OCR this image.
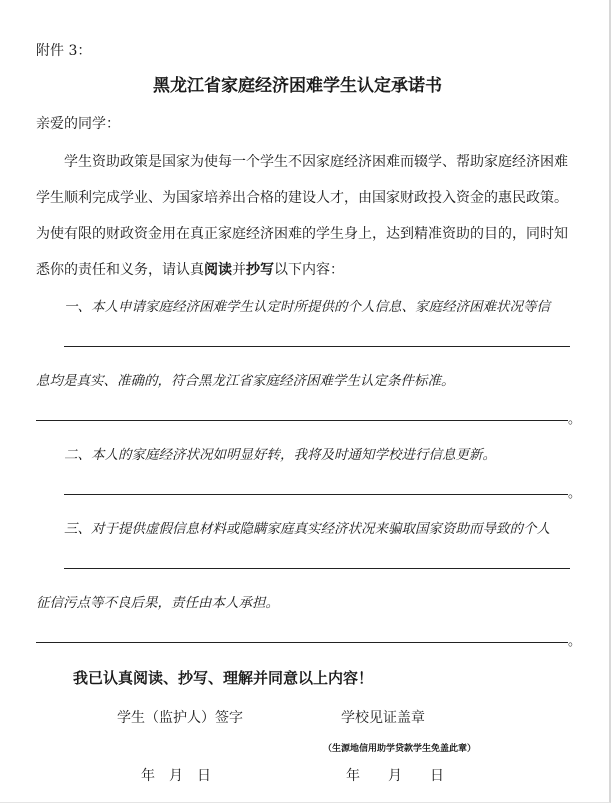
附件 3：
黑龙江省家庭经济困难学生认定承诺书
亲爱的同学：
学生资助政策是国家为使每一个学生不因家庭经济困难而辍学、帮助家庭经济困难
学生顺利完成学业、为国家培养出合格的建设人才，由国家财政投入资金的惠民政策。
为使有限的财政资金用在真正家庭经济困难的学生身上，达到精准资助的目的，同时知
悉你的责任和义务，请认真阅读并抄写以下内容：
一、本人申请家庭经济困难学生认定时所提供的个人信息、家庭经济困难状况等信
息均是真实、准确的，符合黑龙江省家庭经济困难学生认定条件标准。
。
二、本人的家庭经济状况如明显好转，我将及时通知学校进行信息更新。
。
三、对于提供虚假信息材料或隐瞒家庭真实经济状况来骗取国家资助而导致的个人
征信污点等不良后果，责任由本人承担。
。
我已认真阅读、抄写、理解并同意以上内容！
学生（监护人）签字	学校见证盖章
（生源地信用助学贷款学生免盖此章）
年　月　日	年　　月　　日
